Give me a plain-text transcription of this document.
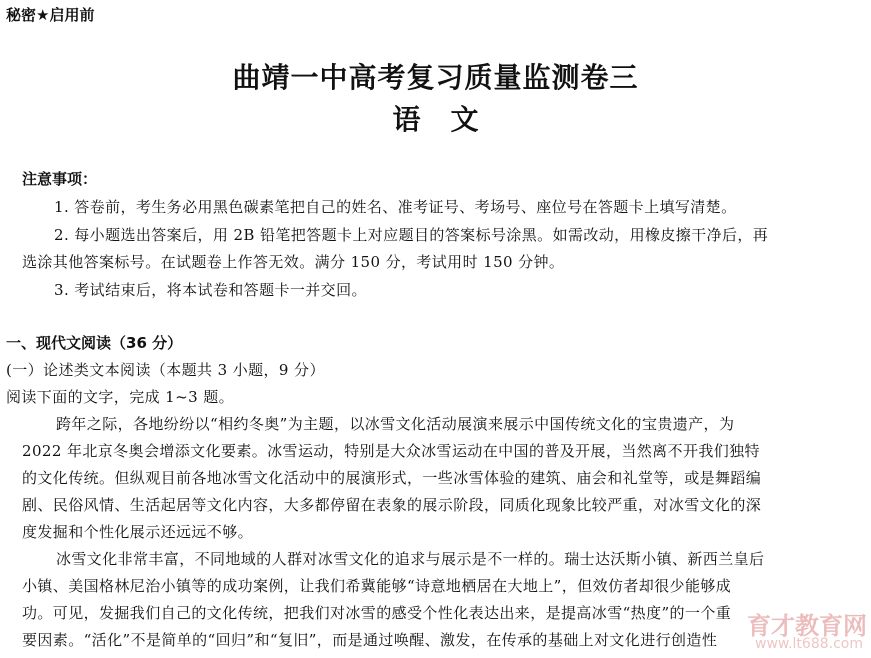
秘密★启用前
曲靖一中高考复习质量监测卷三
语文
注意事项：
1. 答卷前，考生务必用黑色碳素笔把自己的姓名、准考证号、考场号、座位号在答题卡上填写清楚。
2. 每小题选出答案后，用 2B 铅笔把答题卡上对应题目的答案标号涂黑。如需改动，用橡皮擦干净后，再
选涂其他答案标号。在试题卷上作答无效。满分 150 分，考试用时 150 分钟。
3. 考试结束后，将本试卷和答题卡一并交回。
一、现代文阅读（36 分）
(一）论述类文本阅读（本题共 3 小题，9 分）
阅读下面的文字，完成 1~3 题。
跨年之际，各地纷纷以“相约冬奥”为主题，以冰雪文化活动展演来展示中国传统文化的宝贵遗产，为
2022 年北京冬奥会增添文化要素。冰雪运动，特别是大众冰雪运动在中国的普及开展，当然离不开我们独特
的文化传统。但纵观目前各地冰雪文化活动中的展演形式，一些冰雪体验的建筑、庙会和礼堂等，或是舞蹈编
剧、民俗风情、生活起居等文化内容，大多都停留在表象的展示阶段，同质化现象比较严重，对冰雪文化的深
度发掘和个性化展示还远远不够。
冰雪文化非常丰富，不同地域的人群对冰雪文化的追求与展示是不一样的。瑞士达沃斯小镇、新西兰皇后
小镇、美国格林尼治小镇等的成功案例，让我们希冀能够“诗意地栖居在大地上”，但效仿者却很少能够成
功。可见，发掘我们自己的文化传统，把我们对冰雪的感受个性化表达出来，是提高冰雪“热度”的一个重
要因素。“活化”不是简单的“回归”和“复旧”，而是通过唤醒、激发，在传承的基础上对文化进行创造性 育才教育网
www.lt688.com
